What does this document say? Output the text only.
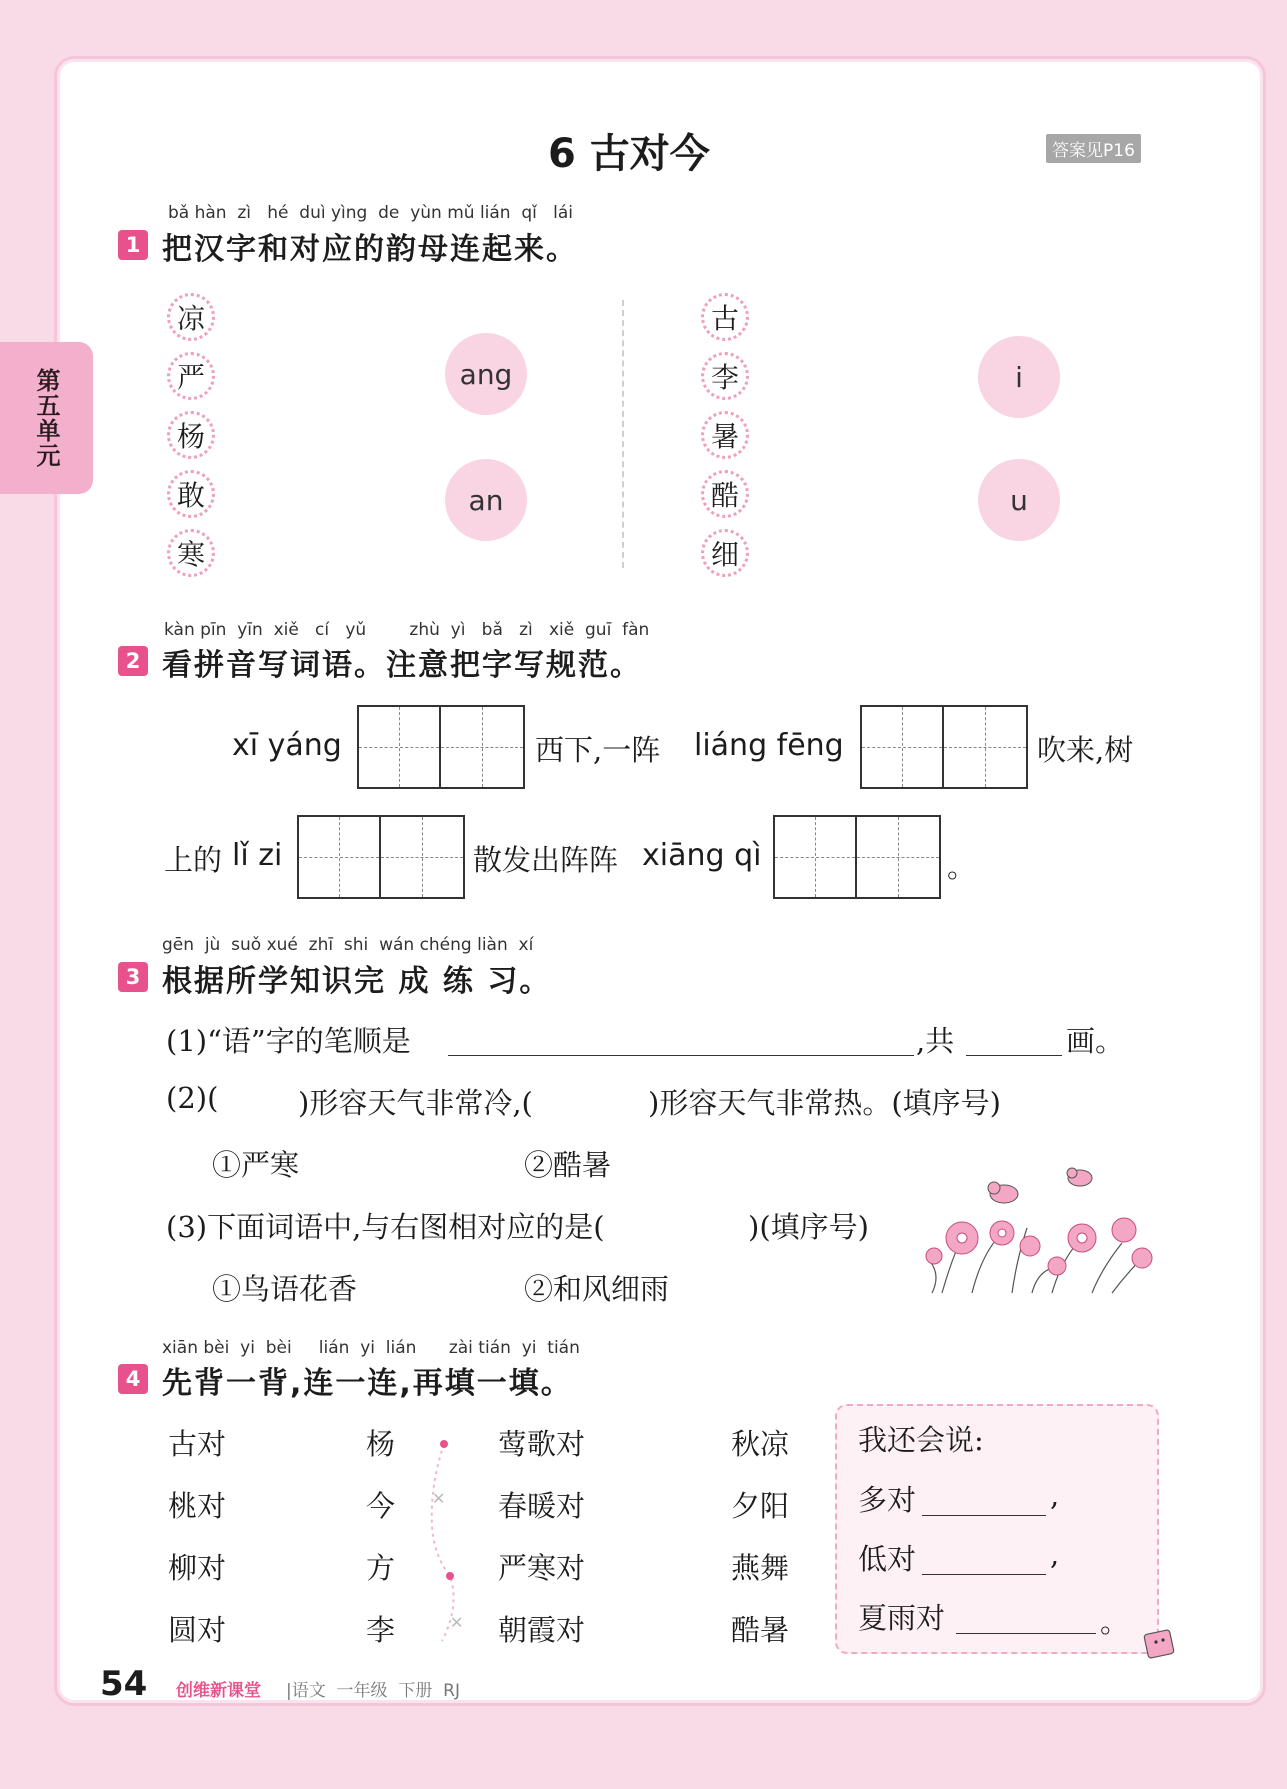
第五单元
6 古对今	答案见P16
bǎ hàn  zì   hé  duì yìng  de  yùn mǔ lián  qǐ   lái
1 把汉字和对应的韵母连起来。
凉
严
杨
敢
寒
ang
an
古
李
暑
酷
细
i
u
kàn pīn  yīn  xiě   cí   yǔ        zhù  yì   bǎ   zì   xiě  guī  fàn
2 看拼音写词语。注意把字写规范。
xī yáng	西下,一阵 liáng fēng	吹来,树
上的 lǐ zi	散发出阵阵 xiāng qì	。
gēn  jù  suǒ xué  zhī  shi  wán chéng liàn  xí
3 根据所学知识完 成 练 习。
(1)“语”字的笔顺是	,共	画。
(2)(	)形容天气非常冷,(	)形容天气非常热。(填序号)
①严寒	②酷暑
(3)下面词语中,与右图相对应的是(	)(填序号)
①鸟语花香	②和风细雨
xiān bèi  yi  bèi     lián  yi  lián      zài tián  yi  tián
4 先背一背,连一连,再填一填。
古对
桃对
柳对
圆对
杨
今
方
李
✕
✕
莺歌对
春暖对
严寒对
朝霞对
秋凉
夕阳
燕舞
酷暑
我还会说:
多对	,
低对	,
夏雨对	。
54 创维新课堂 |语文  一年级  下册  RJ
